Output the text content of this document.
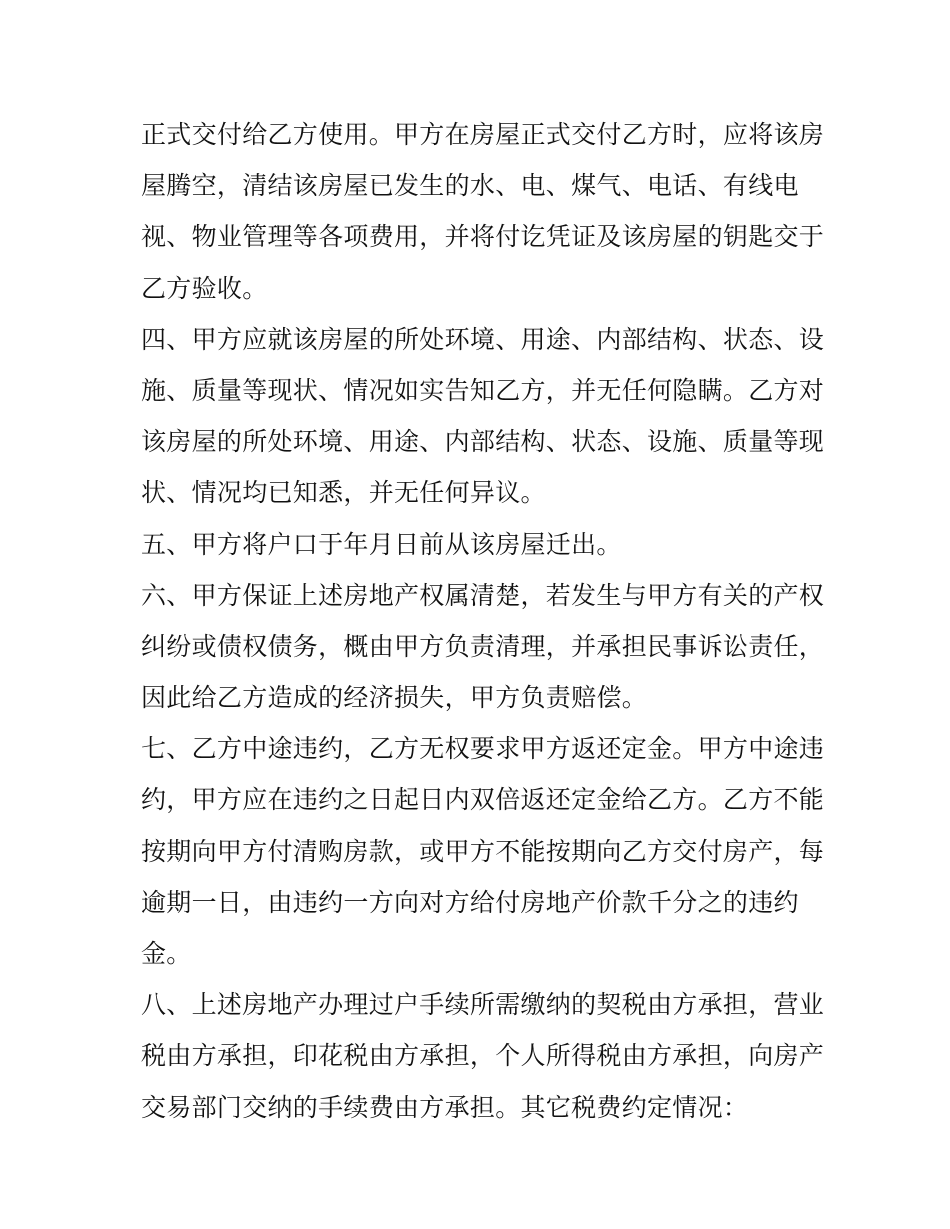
正式交付给乙方使用。甲方在房屋正式交付乙方时，应将该房
屋腾空，清结该房屋已发生的水、电、煤气、电话、有线电
视、物业管理等各项费用，并将付讫凭证及该房屋的钥匙交于
乙方验收。
四、甲方应就该房屋的所处环境、用途、内部结构、状态、设
施、质量等现状、情况如实告知乙方，并无任何隐瞒。乙方对
该房屋的所处环境、用途、内部结构、状态、设施、质量等现
状、情况均已知悉，并无任何异议。
五、甲方将户口于年月日前从该房屋迁出。
六、甲方保证上述房地产权属清楚，若发生与甲方有关的产权
纠纷或债权债务，概由甲方负责清理，并承担民事诉讼责任，
因此给乙方造成的经济损失，甲方负责赔偿。
七、乙方中途违约，乙方无权要求甲方返还定金。甲方中途违
约，甲方应在违约之日起日内双倍返还定金给乙方。乙方不能
按期向甲方付清购房款，或甲方不能按期向乙方交付房产，每
逾期一日，由违约一方向对方给付房地产价款千分之的违约
金。
八、上述房地产办理过户手续所需缴纳的契税由方承担，营业
税由方承担，印花税由方承担，个人所得税由方承担，向房产
交易部门交纳的手续费由方承担。其它税费约定情况：
